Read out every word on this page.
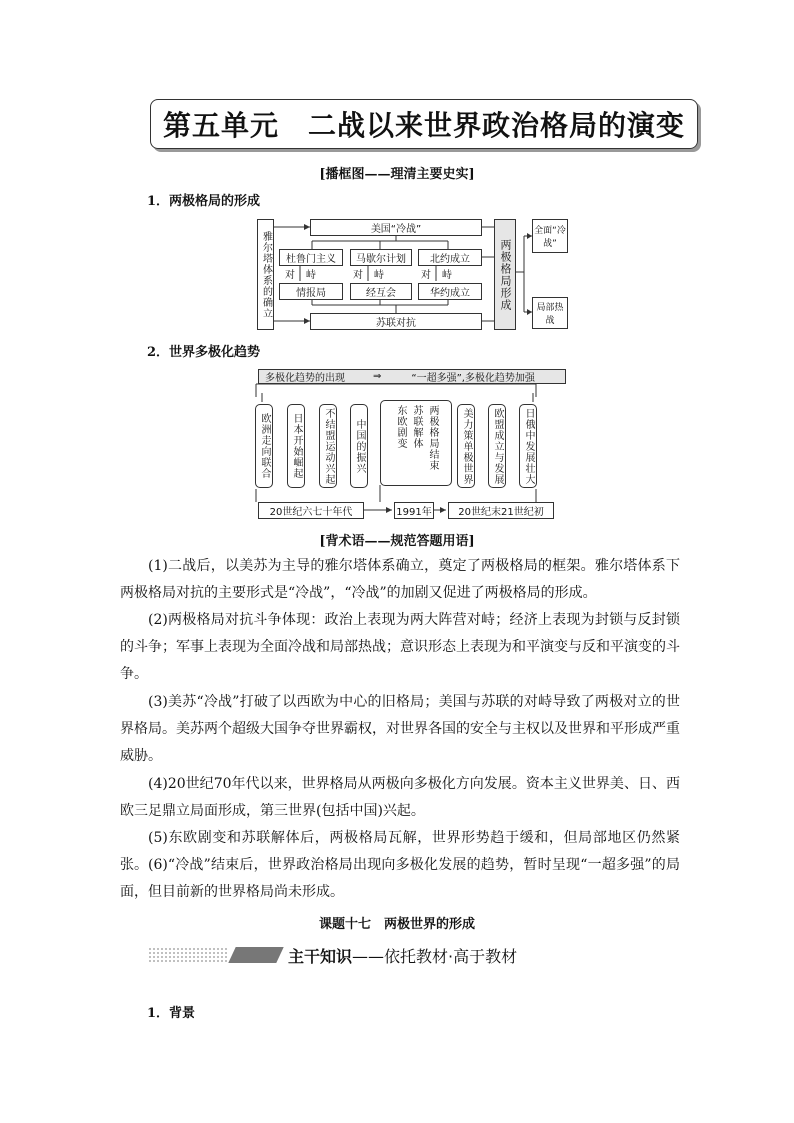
第五单元　二战以来世界政治格局的演变
[播框图——理清主要史实]
1．两极格局的形成
雅尔塔体系的确立
美国“冷战”
杜鲁门主义	马歇尔计划	北约成立
对 峙	对 峙	对 峙
情报局	经互会	华约成立
苏联对抗
两极格局形成
全面“冷战”
局部热战
2．世界多极化趋势
多极化趋势的出现	⇒	“一超多强”,多极化趋势加强
欧洲走向联合	日本开始崛起	不结盟运动兴起	中国的振兴	东欧剧变 苏联解体 两极格局结束	美力策单极世界	欧盟成立与发展	日俄中发展壮大
20世纪六七十年代	1991年	20世纪末21世纪初
[背术语——规范答题用语]
(1)二战后，以美苏为主导的雅尔塔体系确立，奠定了两极格局的框架。雅尔塔体系下两极格局对抗的主要形式是“冷战”，“冷战”的加剧又促进了两极格局的形成。
(2)两极格局对抗斗争体现：政治上表现为两大阵营对峙；经济上表现为封锁与反封锁的斗争；军事上表现为全面冷战和局部热战；意识形态上表现为和平演变与反和平演变的斗争。
(3)美苏“冷战”打破了以西欧为中心的旧格局；美国与苏联的对峙导致了两极对立的世界格局。美苏两个超级大国争夺世界霸权，对世界各国的安全与主权以及世界和平形成严重威胁。
(4)20世纪70年代以来，世界格局从两极向多极化方向发展。资本主义世界美、日、西欧三足鼎立局面形成，第三世界(包括中国)兴起。
(5)东欧剧变和苏联解体后，两极格局瓦解，世界形势趋于缓和，但局部地区仍然紧张。 (6)“冷战”结束后，世界政治格局出现向多极化发展的趋势，暂时呈现“一超多强”的局面，但目前新的世界格局尚未形成。
课题十七　两极世界的形成
主干知识——依托教材·高于教材
1．背景
